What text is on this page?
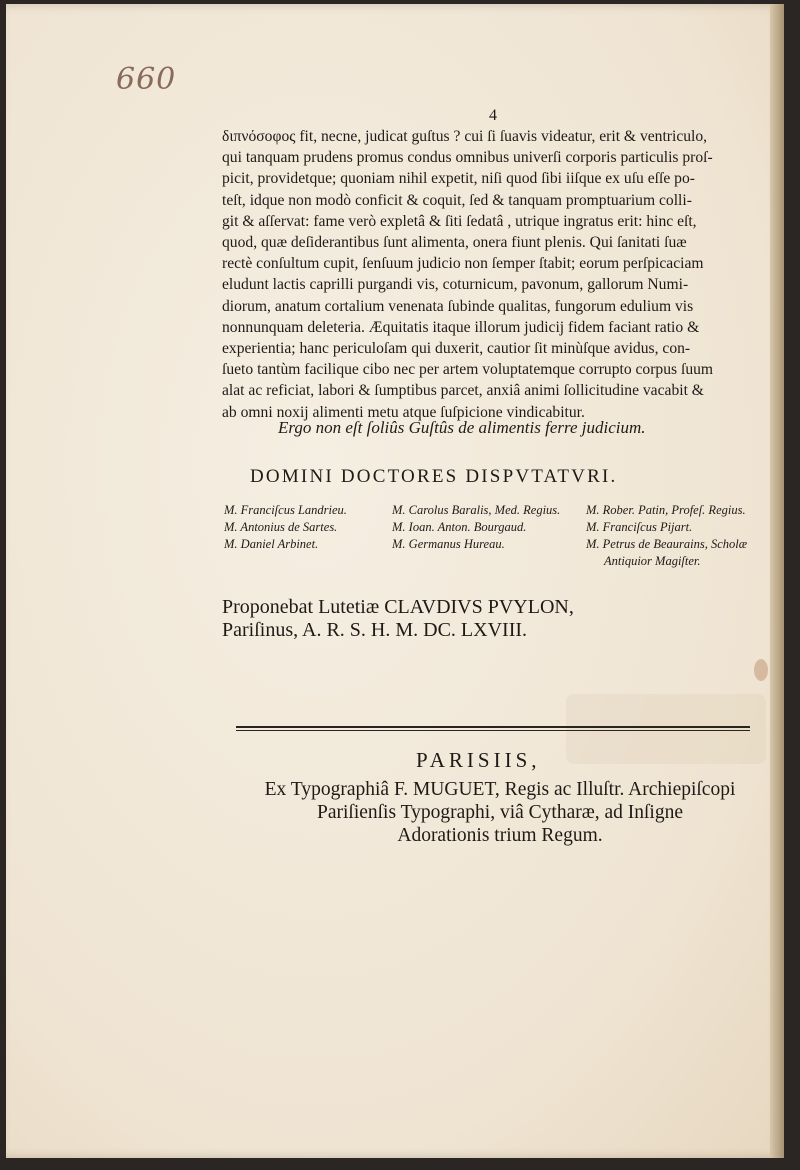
660
4
διπνόσοφος fit, necne, judicat guſtus ? cui ſi ſuavis videatur, erit & ventriculo,
qui tanquam prudens promus condus omnibus univerſi corporis particulis proſ-
picit, providetque; quoniam nihil expetit, niſi quod ſibi iiſque ex uſu eſſe po-
teſt, idque non modò conficit & coquit, ſed & tanquam promptuarium colli-
git & aſſervat: fame verò expletâ & ſiti ſedatâ , utrique ingratus erit: hinc eſt,
quod, quæ deſiderantibus ſunt alimenta, onera fiunt plenis. Qui ſanitati ſuæ
rectè conſultum cupit, ſenſuum judicio non ſemper ſtabit; eorum perſpicaciam
eludunt lactis caprilli purgandi vis, coturnicum, pavonum, gallorum Numi-
diorum, anatum cortalium venenata ſubinde qualitas, fungorum edulium vis
nonnunquam deleteria. Æquitatis itaque illorum judicij fidem faciant ratio &
experientia; hanc periculoſam qui duxerit, cautior ſit minùſque avidus, con-
ſueto tantùm facilique cibo nec per artem voluptatemque corrupto corpus ſuum
alat ac reficiat, labori & ſumptibus parcet, anxiâ animi ſollicitudine vacabit &
ab omni noxij alimenti metu atque ſuſpicione vindicabitur.
Ergo non eſt ſoliûs Guſtûs de alimentis ferre judicium.
DOMINI DOCTORES DISPVTATVRI.
M. Franciſcus Landrieu.
M. Antonius de Sartes.
M. Daniel Arbinet.
M. Carolus Baralis, Med. Regius.
M. Ioan. Anton. Bourgaud.
M. Germanus Hureau.
M. Rober. Patin, Profeſ. Regius.
M. Franciſcus Pijart.
M. Petrus de Beaurains, Scholæ
Antiquior Magiſter.
Proponebat Lutetiæ CLAVDIVS PVYLON,
Pariſinus, A. R. S. H. M. DC. LXVIII.
PARISIIS,
Ex Typographiâ F. MUGUET, Regis ac Illuſtr. Archiepiſcopi
Pariſienſis Typographi, viâ Cytharæ, ad Inſigne
Adorationis trium Regum.
